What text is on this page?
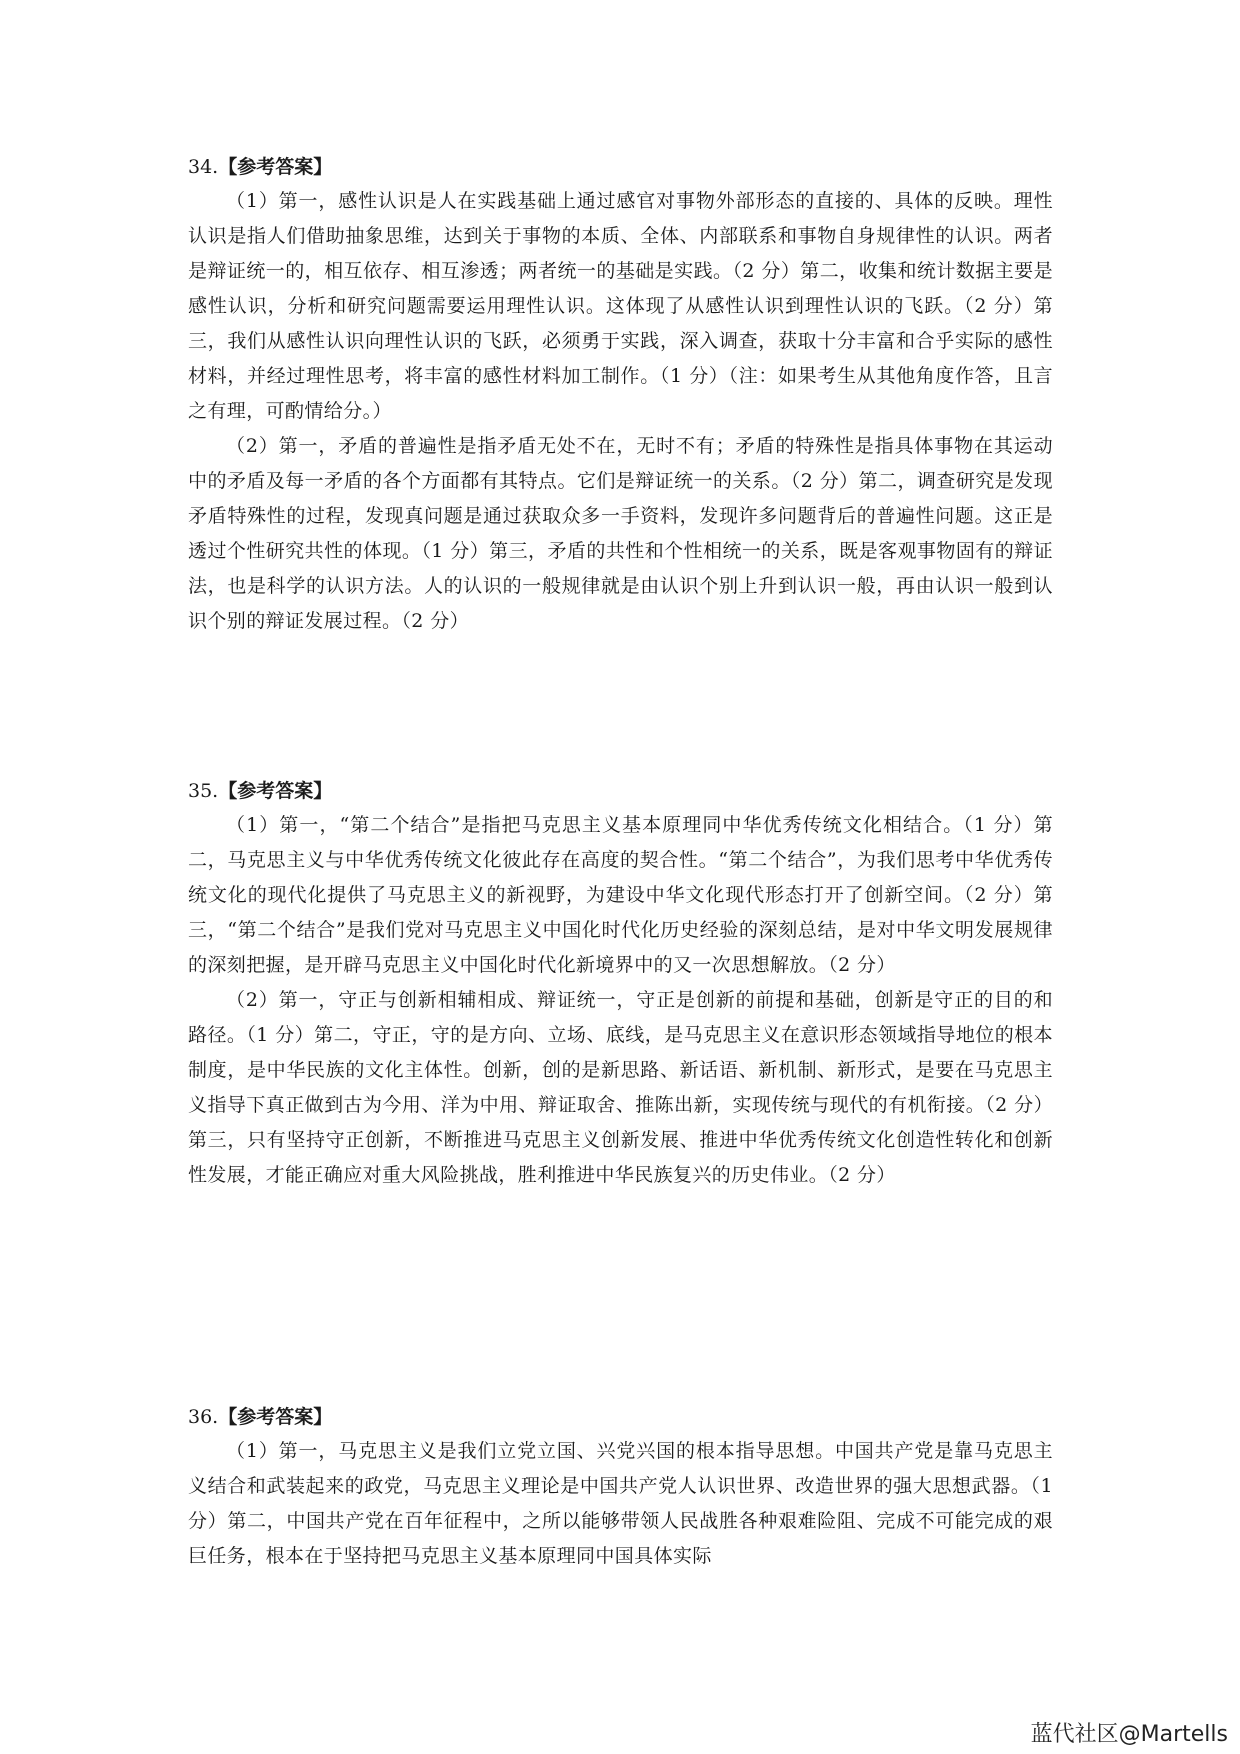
34.【参考答案】

（1）第一，感性认识是人在实践基础上通过感官对事物外部形态的直接的、具体的反映。理性认识是指人们借助抽象思维，达到关于事物的本质、全体、内部联系和事物自身规律性的认识。两者是辩证统一的，相互依存、相互渗透；两者统一的基础是实践。（2 分）第二，收集和统计数据主要是感性认识，分析和研究问题需要运用理性认识。这体现了从感性认识到理性认识的飞跃。（2 分）第三，我们从感性认识向理性认识的飞跃，必须勇于实践，深入调查，获取十分丰富和合乎实际的感性材料，并经过理性思考，将丰富的感性材料加工制作。（1 分）（注：如果考生从其他角度作答，且言之有理，可酌情给分。）

（2）第一，矛盾的普遍性是指矛盾无处不在，无时不有；矛盾的特殊性是指具体事物在其运动中的矛盾及每一矛盾的各个方面都有其特点。它们是辩证统一的关系。（2 分）第二，调查研究是发现矛盾特殊性的过程，发现真问题是通过获取众多一手资料，发现许多问题背后的普遍性问题。这正是透过个性研究共性的体现。（1 分）第三，矛盾的共性和个性相统一的关系，既是客观事物固有的辩证法，也是科学的认识方法。人的认识的一般规律就是由认识个别上升到认识一般，再由认识一般到认识个别的辩证发展过程。（2 分）

35.【参考答案】

（1）第一，“第二个结合”是指把马克思主义基本原理同中华优秀传统文化相结合。（1 分）第二，马克思主义与中华优秀传统文化彼此存在高度的契合性。“第二个结合”，为我们思考中华优秀传统文化的现代化提供了马克思主义的新视野，为建设中华文化现代形态打开了创新空间。（2 分）第三，“第二个结合”是我们党对马克思主义中国化时代化历史经验的深刻总结，是对中华文明发展规律的深刻把握，是开辟马克思主义中国化时代化新境界中的又一次思想解放。（2 分）

（2）第一，守正与创新相辅相成、辩证统一，守正是创新的前提和基础，创新是守正的目的和路径。（1 分）第二，守正，守的是方向、立场、底线，是马克思主义在意识形态领域指导地位的根本制度，是中华民族的文化主体性。创新，创的是新思路、新话语、新机制、新形式，是要在马克思主义指导下真正做到古为今用、洋为中用、辩证取舍、推陈出新，实现传统与现代的有机衔接。（2 分）第三，只有坚持守正创新，不断推进马克思主义创新发展、推进中华优秀传统文化创造性转化和创新性发展，才能正确应对重大风险挑战，胜利推进中华民族复兴的历史伟业。（2 分）

36.【参考答案】

（1）第一，马克思主义是我们立党立国、兴党兴国的根本指导思想。中国共产党是靠马克思主义结合和武装起来的政党，马克思主义理论是中国共产党人认识世界、改造世界的强大思想武器。（1 分）第二，中国共产党在百年征程中，之所以能够带领人民战胜各种艰难险阻、完成不可能完成的艰巨任务，根本在于坚持把马克思主义基本原理同中国具体实际

蓝代社区@Martells
